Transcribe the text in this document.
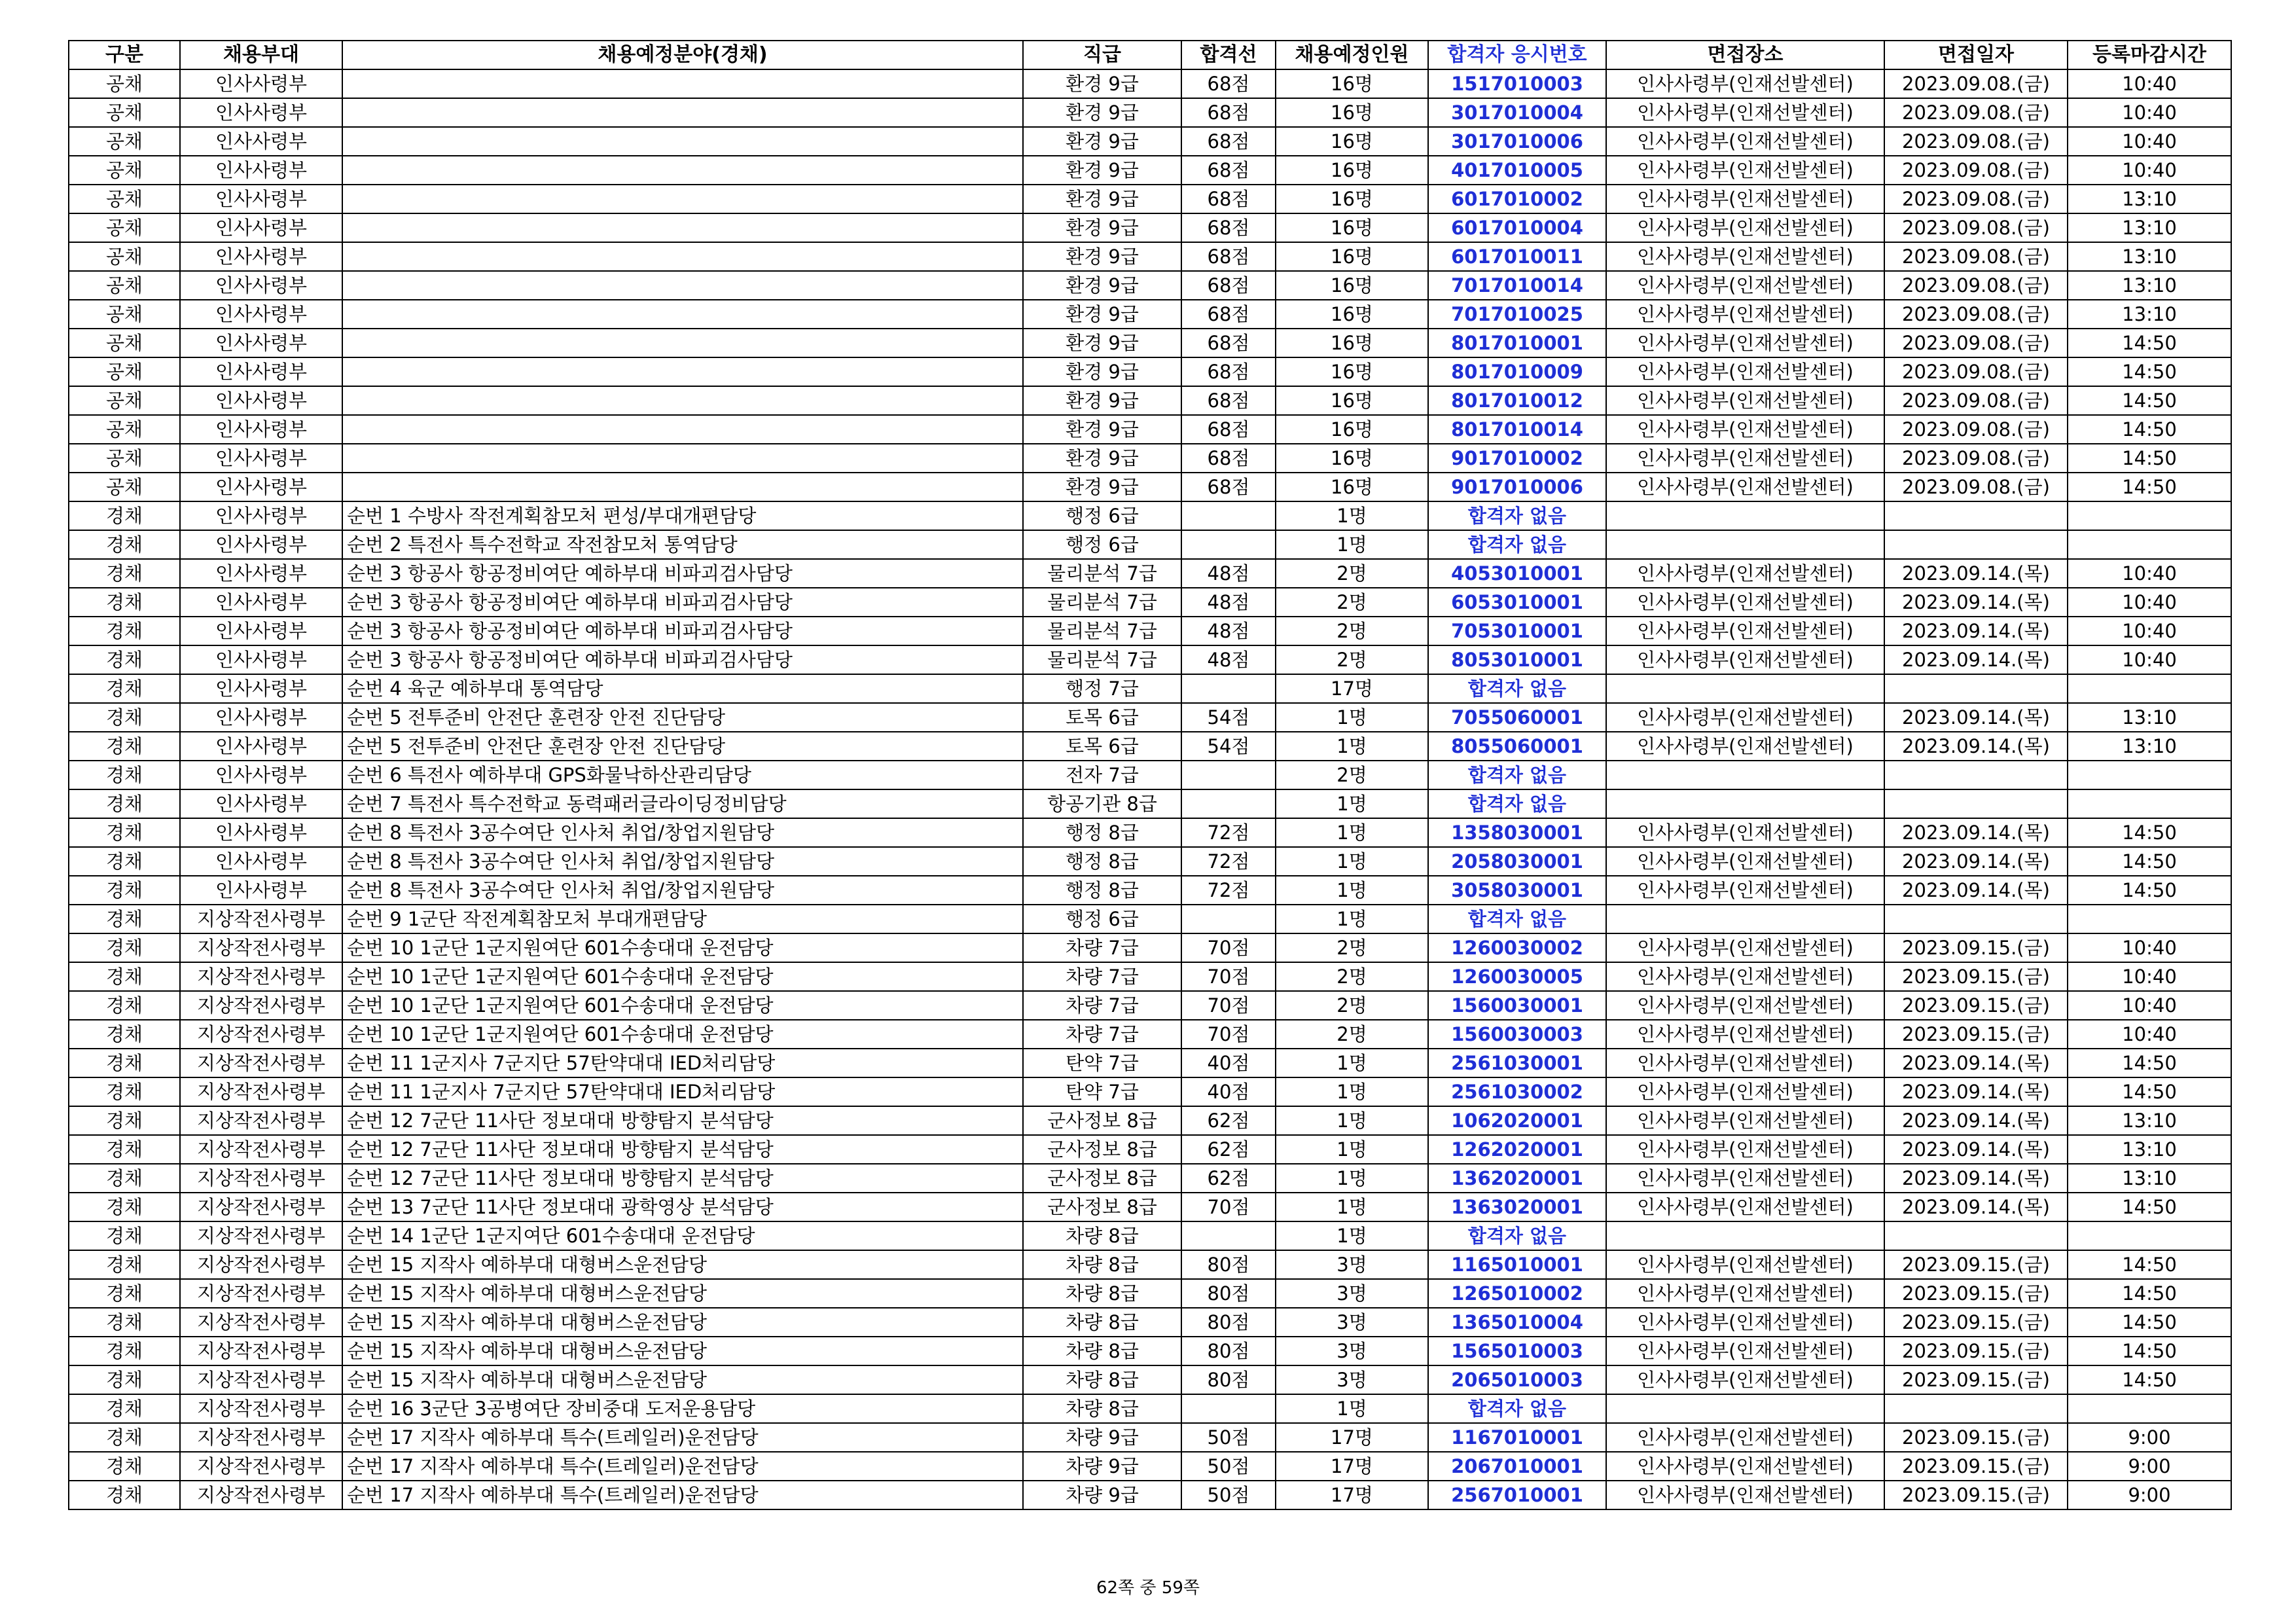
구분	채용부대	채용예정분야(경채)	직급	합격선	채용예정인원	합격자 응시번호	면접장소	면접일자	등록마감시간
공채	인사사령부		환경 9급	68점	16명	1517010003	인사사령부(인재선발센터)	2023.09.08.(금)	10:40
공채	인사사령부		환경 9급	68점	16명	3017010004	인사사령부(인재선발센터)	2023.09.08.(금)	10:40
공채	인사사령부		환경 9급	68점	16명	3017010006	인사사령부(인재선발센터)	2023.09.08.(금)	10:40
공채	인사사령부		환경 9급	68점	16명	4017010005	인사사령부(인재선발센터)	2023.09.08.(금)	10:40
공채	인사사령부		환경 9급	68점	16명	6017010002	인사사령부(인재선발센터)	2023.09.08.(금)	13:10
공채	인사사령부		환경 9급	68점	16명	6017010004	인사사령부(인재선발센터)	2023.09.08.(금)	13:10
공채	인사사령부		환경 9급	68점	16명	6017010011	인사사령부(인재선발센터)	2023.09.08.(금)	13:10
공채	인사사령부		환경 9급	68점	16명	7017010014	인사사령부(인재선발센터)	2023.09.08.(금)	13:10
공채	인사사령부		환경 9급	68점	16명	7017010025	인사사령부(인재선발센터)	2023.09.08.(금)	13:10
공채	인사사령부		환경 9급	68점	16명	8017010001	인사사령부(인재선발센터)	2023.09.08.(금)	14:50
공채	인사사령부		환경 9급	68점	16명	8017010009	인사사령부(인재선발센터)	2023.09.08.(금)	14:50
공채	인사사령부		환경 9급	68점	16명	8017010012	인사사령부(인재선발센터)	2023.09.08.(금)	14:50
공채	인사사령부		환경 9급	68점	16명	8017010014	인사사령부(인재선발센터)	2023.09.08.(금)	14:50
공채	인사사령부		환경 9급	68점	16명	9017010002	인사사령부(인재선발센터)	2023.09.08.(금)	14:50
공채	인사사령부		환경 9급	68점	16명	9017010006	인사사령부(인재선발센터)	2023.09.08.(금)	14:50
경채	인사사령부	순번 1 수방사 작전계획참모처 편성/부대개편담당	행정 6급		1명	합격자 없음			
경채	인사사령부	순번 2 특전사 특수전학교 작전참모처 통역담당	행정 6급		1명	합격자 없음			
경채	인사사령부	순번 3 항공사 항공정비여단 예하부대 비파괴검사담당	물리분석 7급	48점	2명	4053010001	인사사령부(인재선발센터)	2023.09.14.(목)	10:40
경채	인사사령부	순번 3 항공사 항공정비여단 예하부대 비파괴검사담당	물리분석 7급	48점	2명	6053010001	인사사령부(인재선발센터)	2023.09.14.(목)	10:40
경채	인사사령부	순번 3 항공사 항공정비여단 예하부대 비파괴검사담당	물리분석 7급	48점	2명	7053010001	인사사령부(인재선발센터)	2023.09.14.(목)	10:40
경채	인사사령부	순번 3 항공사 항공정비여단 예하부대 비파괴검사담당	물리분석 7급	48점	2명	8053010001	인사사령부(인재선발센터)	2023.09.14.(목)	10:40
경채	인사사령부	순번 4 육군 예하부대 통역담당	행정 7급		17명	합격자 없음			
경채	인사사령부	순번 5 전투준비 안전단 훈련장 안전 진단담당	토목 6급	54점	1명	7055060001	인사사령부(인재선발센터)	2023.09.14.(목)	13:10
경채	인사사령부	순번 5 전투준비 안전단 훈련장 안전 진단담당	토목 6급	54점	1명	8055060001	인사사령부(인재선발센터)	2023.09.14.(목)	13:10
경채	인사사령부	순번 6 특전사 예하부대 GPS화물낙하산관리담당	전자 7급		2명	합격자 없음			
경채	인사사령부	순번 7 특전사 특수전학교 동력패러글라이딩정비담당	항공기관 8급		1명	합격자 없음			
경채	인사사령부	순번 8 특전사 3공수여단 인사처 취업/창업지원담당	행정 8급	72점	1명	1358030001	인사사령부(인재선발센터)	2023.09.14.(목)	14:50
경채	인사사령부	순번 8 특전사 3공수여단 인사처 취업/창업지원담당	행정 8급	72점	1명	2058030001	인사사령부(인재선발센터)	2023.09.14.(목)	14:50
경채	인사사령부	순번 8 특전사 3공수여단 인사처 취업/창업지원담당	행정 8급	72점	1명	3058030001	인사사령부(인재선발센터)	2023.09.14.(목)	14:50
경채	지상작전사령부	순번 9 1군단 작전계획참모처 부대개편담당	행정 6급		1명	합격자 없음			
경채	지상작전사령부	순번 10 1군단 1군지원여단 601수송대대 운전담당	차량 7급	70점	2명	1260030002	인사사령부(인재선발센터)	2023.09.15.(금)	10:40
경채	지상작전사령부	순번 10 1군단 1군지원여단 601수송대대 운전담당	차량 7급	70점	2명	1260030005	인사사령부(인재선발센터)	2023.09.15.(금)	10:40
경채	지상작전사령부	순번 10 1군단 1군지원여단 601수송대대 운전담당	차량 7급	70점	2명	1560030001	인사사령부(인재선발센터)	2023.09.15.(금)	10:40
경채	지상작전사령부	순번 10 1군단 1군지원여단 601수송대대 운전담당	차량 7급	70점	2명	1560030003	인사사령부(인재선발센터)	2023.09.15.(금)	10:40
경채	지상작전사령부	순번 11 1군지사 7군지단 57탄약대대 IED처리담당	탄약 7급	40점	1명	2561030001	인사사령부(인재선발센터)	2023.09.14.(목)	14:50
경채	지상작전사령부	순번 11 1군지사 7군지단 57탄약대대 IED처리담당	탄약 7급	40점	1명	2561030002	인사사령부(인재선발센터)	2023.09.14.(목)	14:50
경채	지상작전사령부	순번 12 7군단 11사단 정보대대 방향탐지 분석담당	군사정보 8급	62점	1명	1062020001	인사사령부(인재선발센터)	2023.09.14.(목)	13:10
경채	지상작전사령부	순번 12 7군단 11사단 정보대대 방향탐지 분석담당	군사정보 8급	62점	1명	1262020001	인사사령부(인재선발센터)	2023.09.14.(목)	13:10
경채	지상작전사령부	순번 12 7군단 11사단 정보대대 방향탐지 분석담당	군사정보 8급	62점	1명	1362020001	인사사령부(인재선발센터)	2023.09.14.(목)	13:10
경채	지상작전사령부	순번 13 7군단 11사단 정보대대 광학영상 분석담당	군사정보 8급	70점	1명	1363020001	인사사령부(인재선발센터)	2023.09.14.(목)	14:50
경채	지상작전사령부	순번 14 1군단 1군지여단 601수송대대 운전담당	차량 8급		1명	합격자 없음			
경채	지상작전사령부	순번 15 지작사 예하부대 대형버스운전담당	차량 8급	80점	3명	1165010001	인사사령부(인재선발센터)	2023.09.15.(금)	14:50
경채	지상작전사령부	순번 15 지작사 예하부대 대형버스운전담당	차량 8급	80점	3명	1265010002	인사사령부(인재선발센터)	2023.09.15.(금)	14:50
경채	지상작전사령부	순번 15 지작사 예하부대 대형버스운전담당	차량 8급	80점	3명	1365010004	인사사령부(인재선발센터)	2023.09.15.(금)	14:50
경채	지상작전사령부	순번 15 지작사 예하부대 대형버스운전담당	차량 8급	80점	3명	1565010003	인사사령부(인재선발센터)	2023.09.15.(금)	14:50
경채	지상작전사령부	순번 15 지작사 예하부대 대형버스운전담당	차량 8급	80점	3명	2065010003	인사사령부(인재선발센터)	2023.09.15.(금)	14:50
경채	지상작전사령부	순번 16 3군단 3공병여단 장비중대 도저운용담당	차량 8급		1명	합격자 없음			
경채	지상작전사령부	순번 17 지작사 예하부대 특수(트레일러)운전담당	차량 9급	50점	17명	1167010001	인사사령부(인재선발센터)	2023.09.15.(금)	9:00
경채	지상작전사령부	순번 17 지작사 예하부대 특수(트레일러)운전담당	차량 9급	50점	17명	2067010001	인사사령부(인재선발센터)	2023.09.15.(금)	9:00
경채	지상작전사령부	순번 17 지작사 예하부대 특수(트레일러)운전담당	차량 9급	50점	17명	2567010001	인사사령부(인재선발센터)	2023.09.15.(금)	9:00
62쪽 중 59쪽
